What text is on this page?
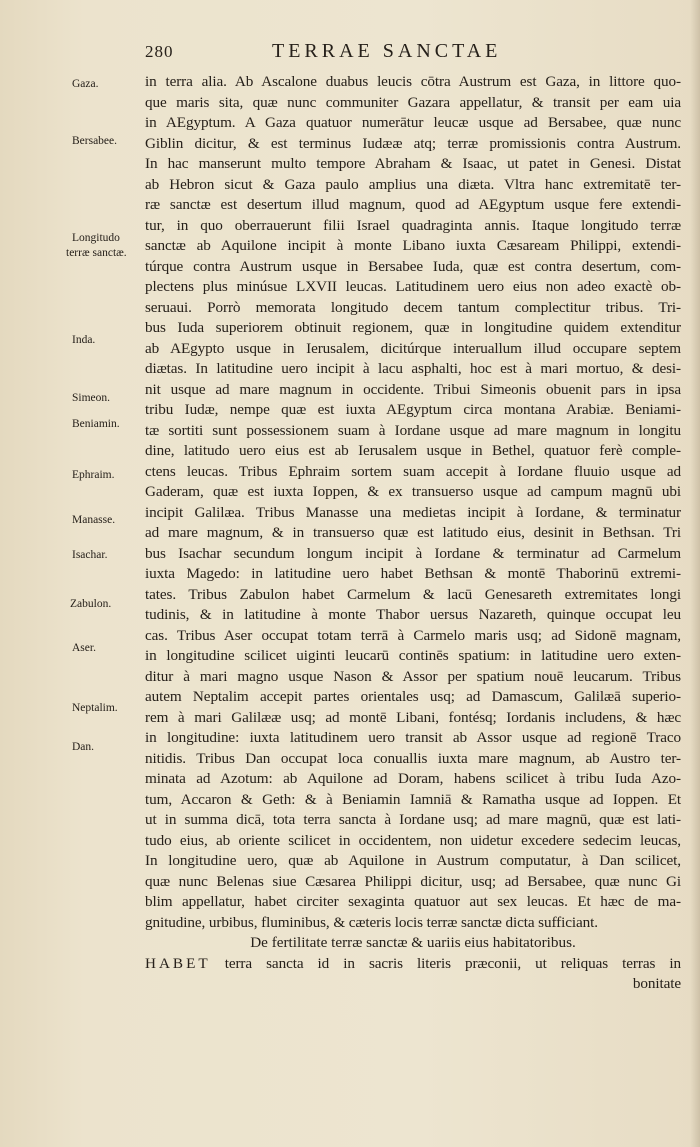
280	TERRAE SANCTAE
Gaza.
Bersabee.
Longitudo
terræ sanctæ.
Inda.
Simeon.
Beniamin.
Ephraim.
Manasse.
Isachar.
Zabulon.
Aser.
Neptalim.
Dan.
in terra alia. Ab Ascalone duabus leucis cōtra Austrum est Gaza, in littore quo-
que maris sita, quæ nunc communiter Gazara appellatur, & transit per eam uia
in AEgyptum. A Gaza quatuor numerātur leucæ usque ad Bersabee, quæ nunc
Giblin dicitur, & est terminus Iudææ atq; terræ promissionis contra Austrum.
In hac manserunt multo tempore Abraham & Isaac, ut patet in Genesi. Distat
ab Hebron sicut & Gaza paulo amplius una diæta. Vltra hanc extremitatē ter-
ræ sanctæ est desertum illud magnum, quod ad AEgyptum usque fere extendi-
tur, in quo oberrauerunt filii Israel quadraginta annis. Itaque longitudo terræ
sanctæ ab Aquilone incipit à monte Libano iuxta Cæsaream Philippi, extendi-
túrque contra Austrum usque in Bersabee Iuda, quæ est contra desertum, com-
plectens plus minúsue LXVII leucas. Latitudinem uero eius non adeo exactè ob-
seruaui. Porrò memorata longitudo decem tantum complectitur tribus. Tri-
bus Iuda superiorem obtinuit regionem, quæ in longitudine quidem extenditur
ab AEgypto usque in Ierusalem, dicitúrque interuallum illud occupare septem
diætas. In latitudine uero incipit à lacu asphalti, hoc est à mari mortuo, & desi-
nit usque ad mare magnum in occidente. Tribui Simeonis obuenit pars in ipsa
tribu Iudæ, nempe quæ est iuxta AEgyptum circa montana Arabiæ. Beniami-
tæ sortiti sunt possessionem suam à Iordane usque ad mare magnum in longitu
dine, latitudo uero eius est ab Ierusalem usque in Bethel, quatuor ferè comple-
ctens leucas. Tribus Ephraim sortem suam accepit à Iordane fluuio usque ad
Gaderam, quæ est iuxta Ioppen, & ex transuerso usque ad campum magnū ubi
incipit Galilæa. Tribus Manasse una medietas incipit à Iordane, & terminatur
ad mare magnum, & in transuerso quæ est latitudo eius, desinit in Bethsan. Tri
bus Isachar secundum longum incipit à Iordane & terminatur ad Carmelum
iuxta Magedo: in latitudine uero habet Bethsan & montē Thaborinū extremi-
tates. Tribus Zabulon habet Carmelum & lacū Genesareth extremitates longi
tudinis, & in latitudine à monte Thabor uersus Nazareth, quinque occupat leu
cas. Tribus Aser occupat totam terrā à Carmelo maris usq; ad Sidonē magnam,
in longitudine scilicet uiginti leucarū continēs spatium: in latitudine uero exten-
ditur à mari magno usque Nason & Assor per spatium nouē leucarum. Tribus
autem Neptalim accepit partes orientales usq; ad Damascum, Galilæā superio-
rem à mari Galilææ usq; ad montē Libani, fontésq; Iordanis includens, & hæc
in longitudine: iuxta latitudinem uero transit ab Assor usque ad regionē Traco
nitidis. Tribus Dan occupat loca conuallis iuxta mare magnum, ab Austro ter-
minata ad Azotum: ab Aquilone ad Doram, habens scilicet à tribu Iuda Azo-
tum, Accaron & Geth: & à Beniamin Iamniā & Ramatha usque ad Ioppen. Et
ut in summa dicā, tota terra sancta à Iordane usq; ad mare magnū, quæ est lati-
tudo eius, ab oriente scilicet in occidentem, non uidetur excedere sedecim leucas,
In longitudine uero, quæ ab Aquilone in Austrum computatur, à Dan scilicet,
quæ nunc Belenas siue Cæsarea Philippi dicitur, usq; ad Bersabee, quæ nunc Gi
blim appellatur, habet circiter sexaginta quatuor aut sex leucas. Et hæc de ma-
gnitudine, urbibus, fluminibus, & cæteris locis terræ sanctæ dicta sufficiant.
De fertilitate terræ sanctæ & uariis eius habitatoribus.
HABET terra sancta id in sacris literis præconii, ut reliquas terras in
bonitate
